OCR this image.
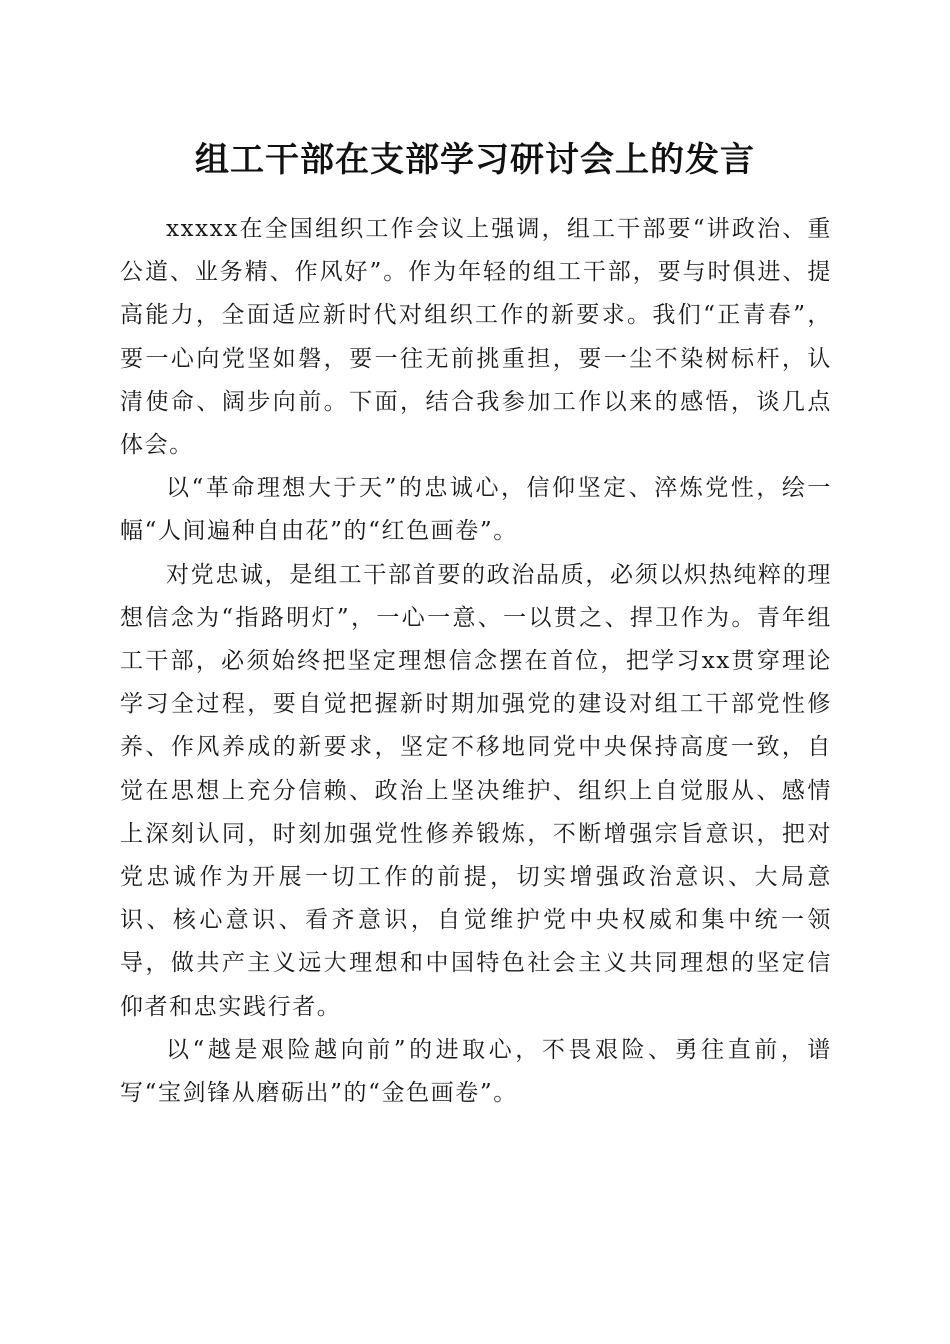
组工干部在支部学习研讨会上的发言

xxxxx在全国组织工作会议上强调，组工干部要“讲政治、重公道、业务精、作风好”。作为年轻的组工干部，要与时俱进、提高能力，全面适应新时代对组织工作的新要求。我们“正青春”，要一心向党坚如磐，要一往无前挑重担，要一尘不染树标杆，认清使命、阔步向前。下面，结合我参加工作以来的感悟，谈几点体会。

以“革命理想大于天”的忠诚心，信仰坚定、淬炼党性，绘一幅“人间遍种自由花”的“红色画卷”。

对党忠诚，是组工干部首要的政治品质，必须以炽热纯粹的理想信念为“指路明灯”，一心一意、一以贯之、捍卫作为。青年组工干部，必须始终把坚定理想信念摆在首位，把学习xx贯穿理论学习全过程，要自觉把握新时期加强党的建设对组工干部党性修养、作风养成的新要求，坚定不移地同党中央保持高度一致，自觉在思想上充分信赖、政治上坚决维护、组织上自觉服从、感情上深刻认同，时刻加强党性修养锻炼，不断增强宗旨意识，把对党忠诚作为开展一切工作的前提，切实增强政治意识、大局意识、核心意识、看齐意识，自觉维护党中央权威和集中统一领导，做共产主义远大理想和中国特色社会主义共同理想的坚定信仰者和忠实践行者。

以“越是艰险越向前”的进取心，不畏艰险、勇往直前，谱写“宝剑锋从磨砺出”的“金色画卷”。
